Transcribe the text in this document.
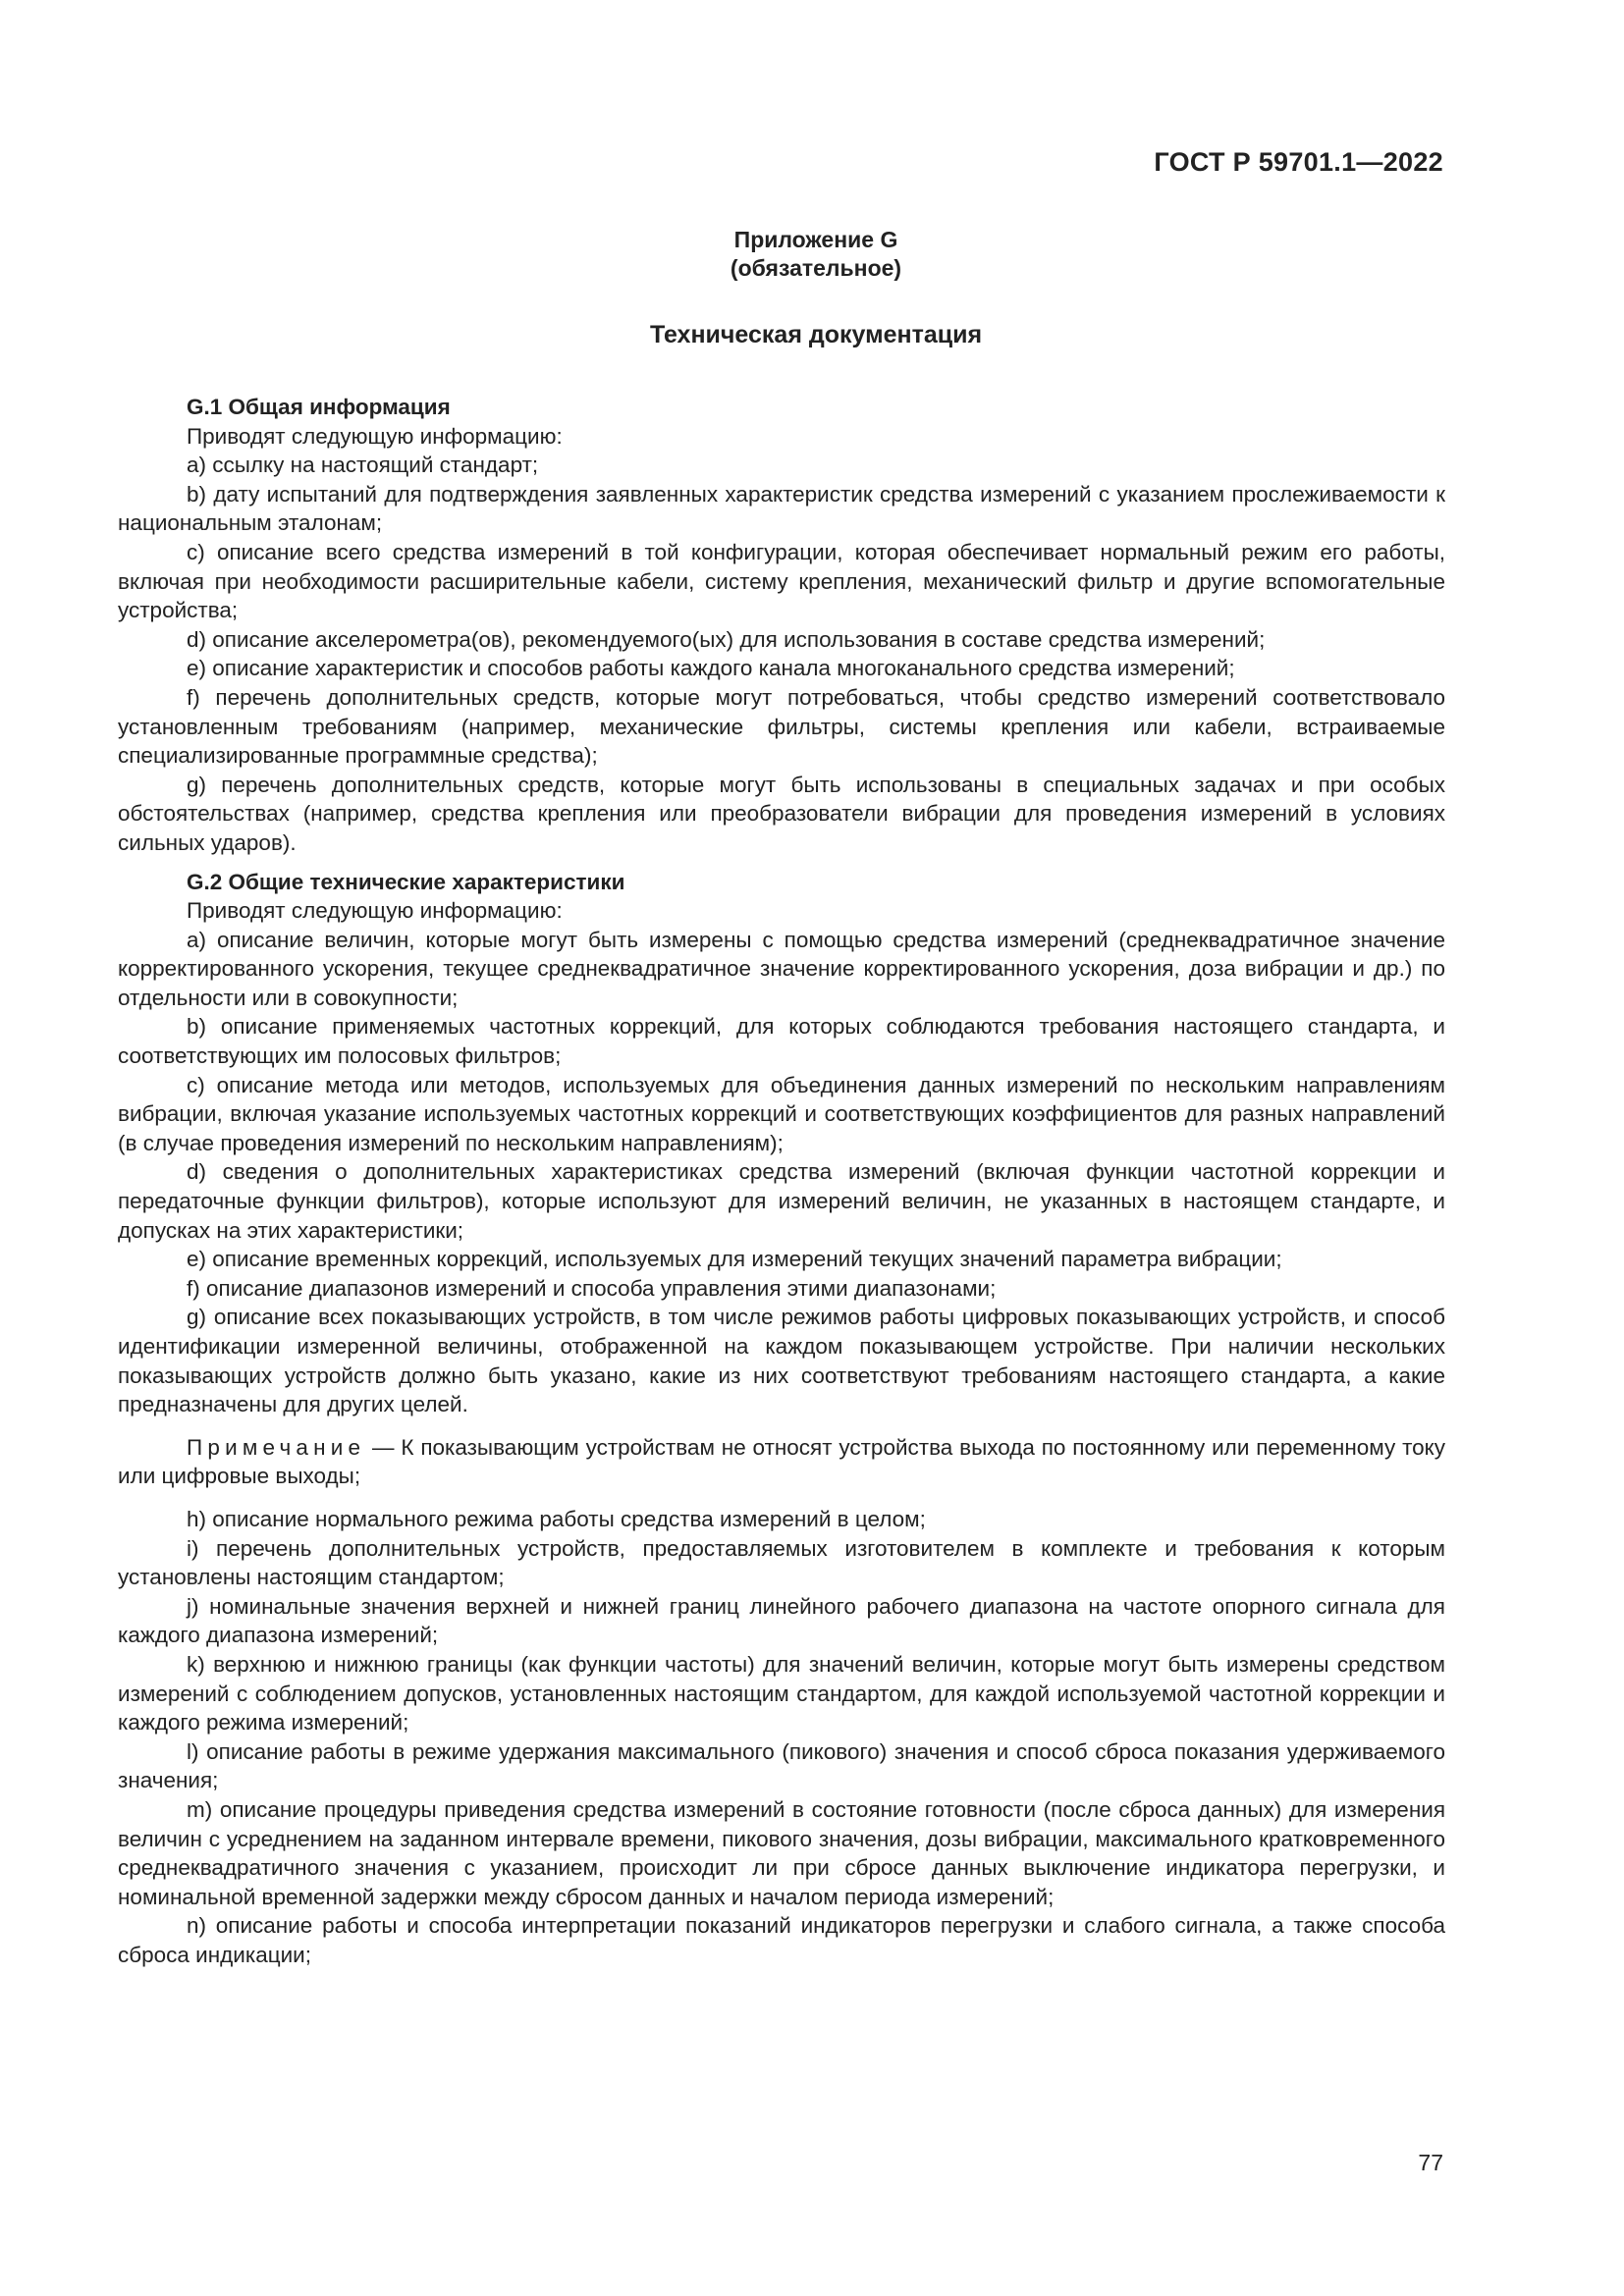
ГОСТ Р 59701.1—2022
Приложение G
(обязательное)
Техническая документация
G.1 Общая информация

Приводят следующую информацию:

a) ссылку на настоящий стандарт;

b) дату испытаний для подтверждения заявленных характеристик средства измерений с указанием прослеживаемости к национальным эталонам;

c) описание всего средства измерений в той конфигурации, которая обеспечивает нормальный режим его работы, включая при необходимости расширительные кабели, систему крепления, механический фильтр и другие вспомогательные устройства;

d) описание акселерометра(ов), рекомендуемого(ых) для использования в составе средства измерений;

e) описание характеристик и способов работы каждого канала многоканального средства измерений;

f) перечень дополнительных средств, которые могут потребоваться, чтобы средство измерений соответствовало установленным требованиям (например, механические фильтры, системы крепления или кабели, встраиваемые специализированные программные средства);

g) перечень дополнительных средств, которые могут быть использованы в специальных задачах и при особых обстоятельствах (например, средства крепления или преобразователи вибрации для проведения измерений в условиях сильных ударов).

G.2 Общие технические характеристики

Приводят следующую информацию:

a) описание величин, которые могут быть измерены с помощью средства измерений (среднеквадратичное значение корректированного ускорения, текущее среднеквадратичное значение корректированного ускорения, доза вибрации и др.) по отдельности или в совокупности;

b) описание применяемых частотных коррекций, для которых соблюдаются требования настоящего стандарта, и соответствующих им полосовых фильтров;

c) описание метода или методов, используемых для объединения данных измерений по нескольким направлениям вибрации, включая указание используемых частотных коррекций и соответствующих коэффициентов для разных направлений (в случае проведения измерений по нескольким направлениям);

d) сведения о дополнительных характеристиках средства измерений (включая функции частотной коррекции и передаточные функции фильтров), которые используют для измерений величин, не указанных в настоящем стандарте, и допусках на этих характеристики;

e) описание временных коррекций, используемых для измерений текущих значений параметра вибрации;

f) описание диапазонов измерений и способа управления этими диапазонами;

g) описание всех показывающих устройств, в том числе режимов работы цифровых показывающих устройств, и способ идентификации измеренной величины, отображенной на каждом показывающем устройстве. При наличии нескольких показывающих устройств должно быть указано, какие из них соответствуют требованиям настоящего стандарта, а какие предназначены для других целей.

Примечание — К показывающим устройствам не относят устройства выхода по постоянному или переменному току или цифровые выходы;

h) описание нормального режима работы средства измерений в целом;

i) перечень дополнительных устройств, предоставляемых изготовителем в комплекте и требования к которым установлены настоящим стандартом;

j) номинальные значения верхней и нижней границ линейного рабочего диапазона на частоте опорного сигнала для каждого диапазона измерений;

k) верхнюю и нижнюю границы (как функции частоты) для значений величин, которые могут быть измерены средством измерений с соблюдением допусков, установленных настоящим стандартом, для каждой используемой частотной коррекции и каждого режима измерений;

l) описание работы в режиме удержания максимального (пикового) значения и способ сброса показания удерживаемого значения;

m) описание процедуры приведения средства измерений в состояние готовности (после сброса данных) для измерения величин с усреднением на заданном интервале времени, пикового значения, дозы вибрации, максимального кратковременного среднеквадратичного значения с указанием, происходит ли при сбросе данных выключение индикатора перегрузки, и номинальной временной задержки между сбросом данных и началом периода измерений;

n) описание работы и способа интерпретации показаний индикаторов перегрузки и слабого сигнала, а также способа сброса индикации;

77
